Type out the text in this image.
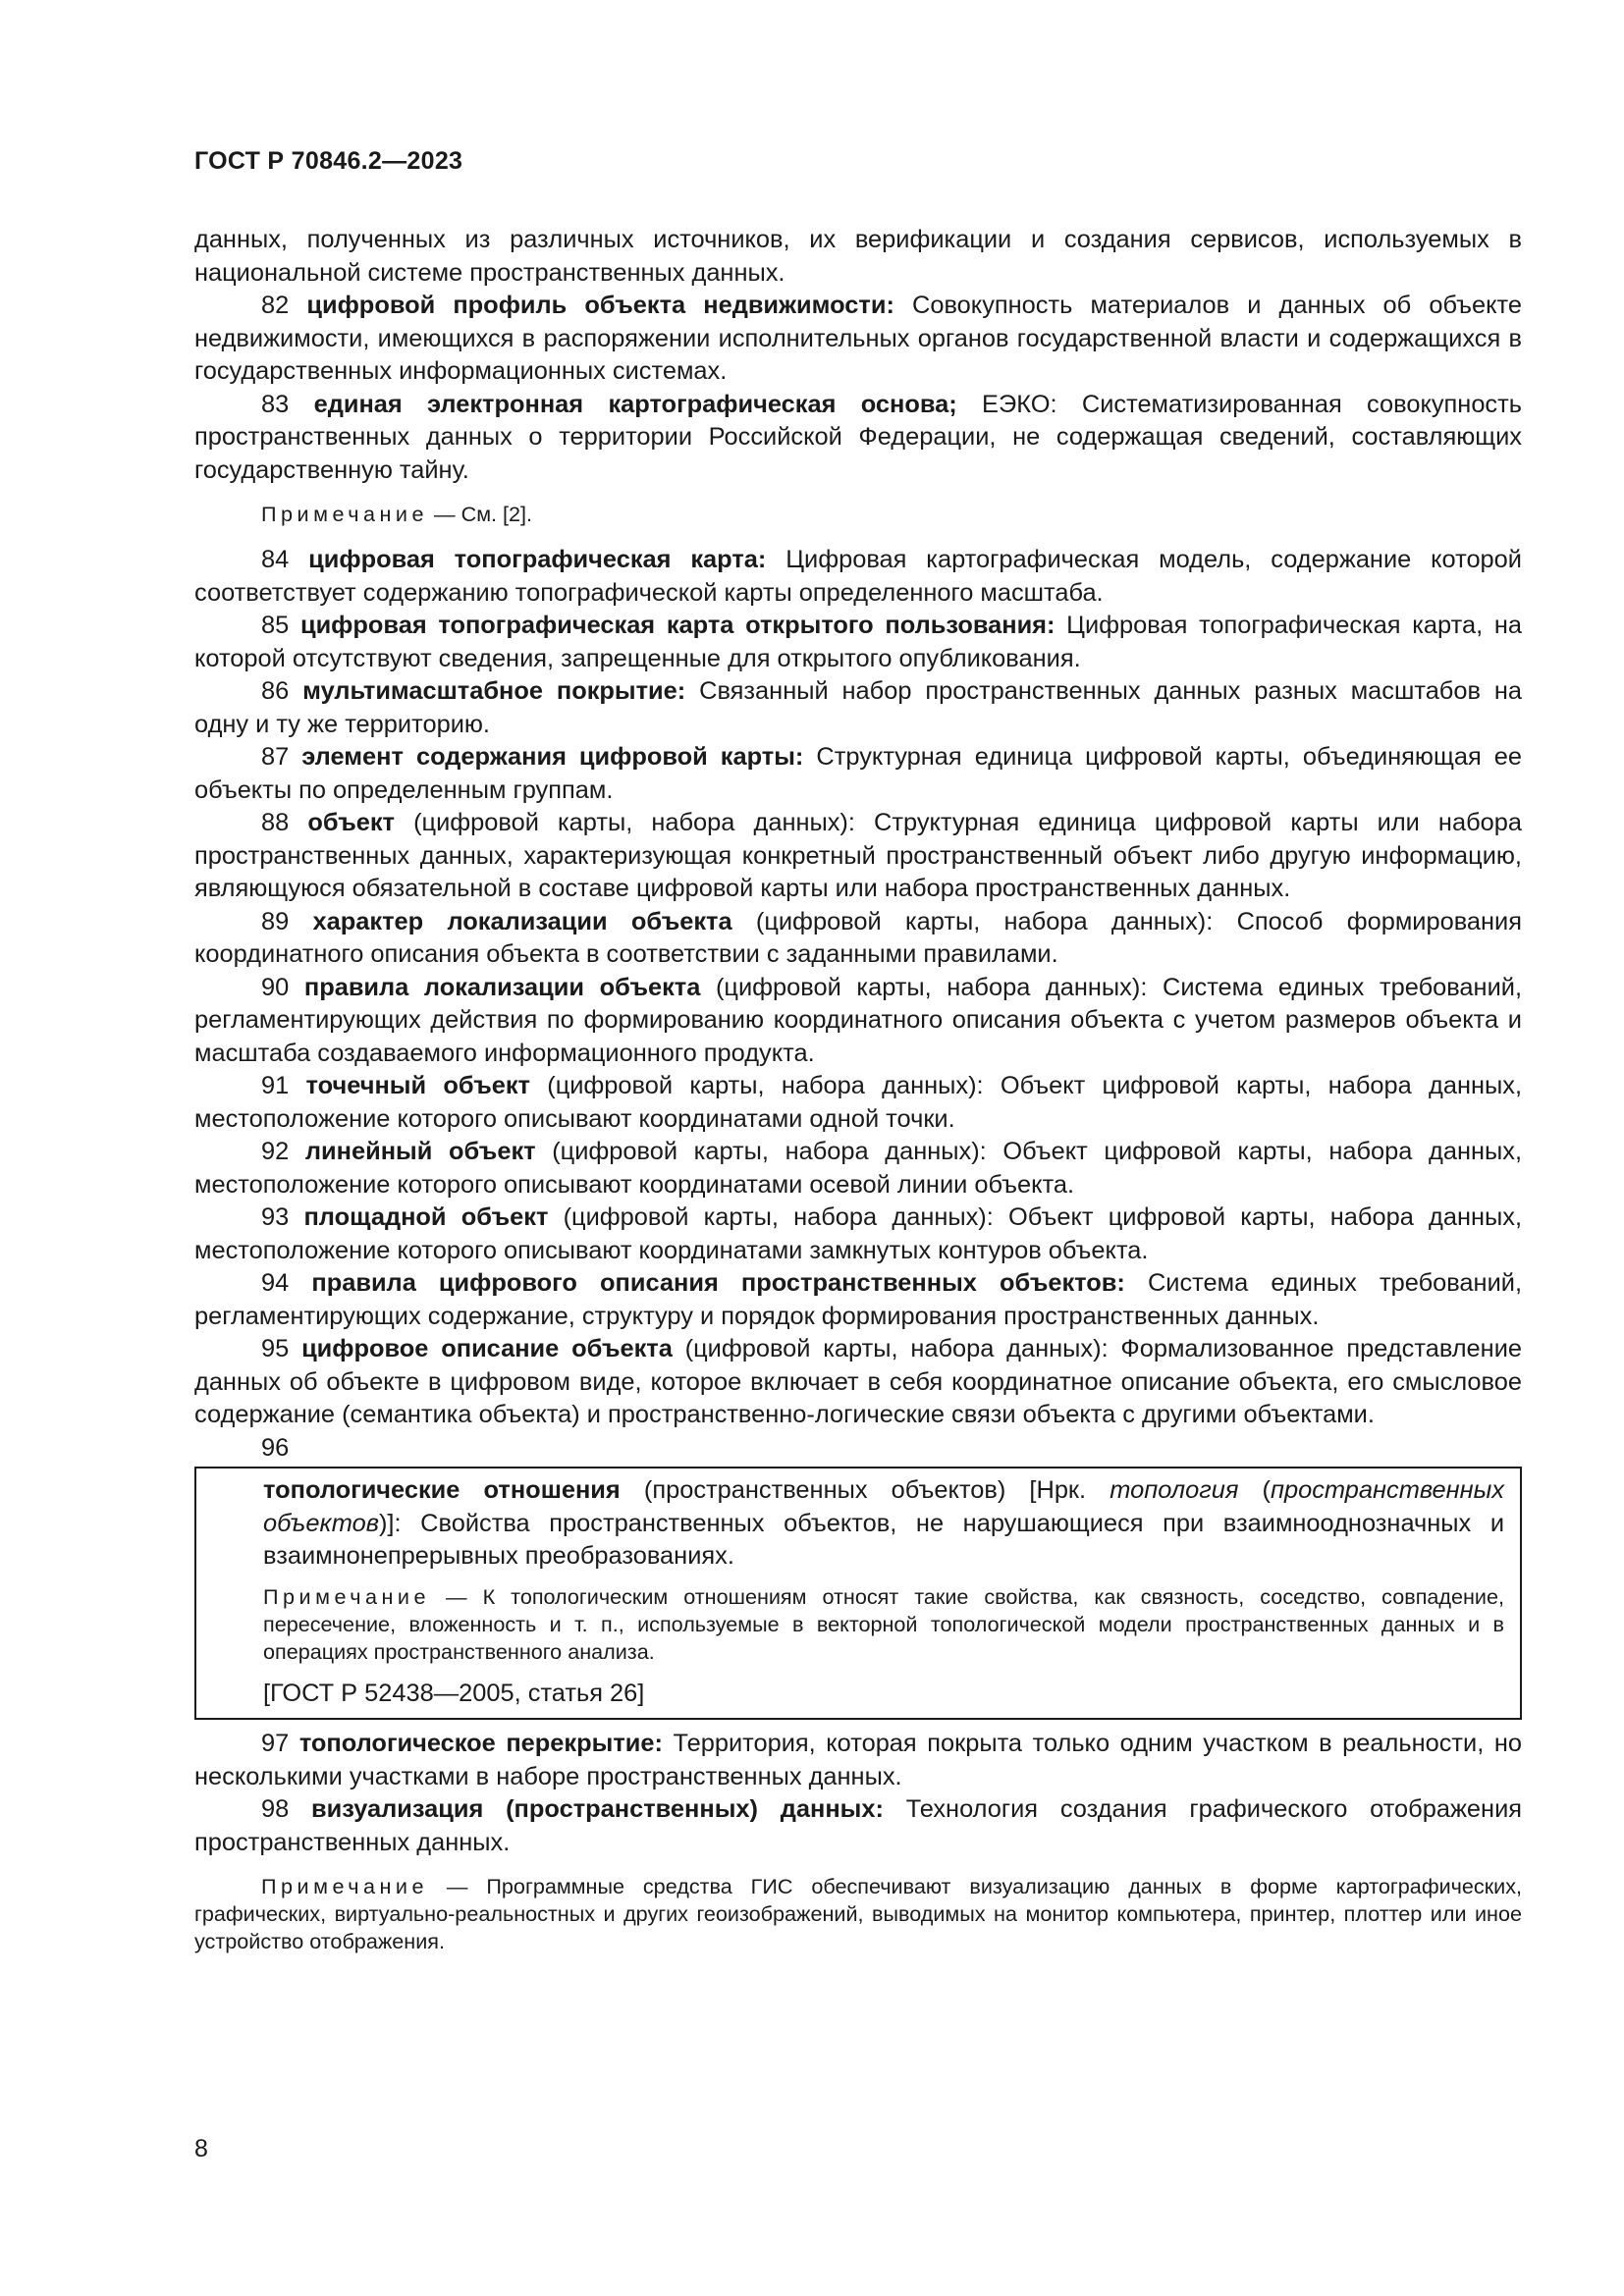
ГОСТ Р 70846.2—2023

данных, полученных из различных источников, их верификации и создания сервисов, используемых в национальной системе пространственных данных.

82 цифровой профиль объекта недвижимости: Совокупность материалов и данных об объекте недвижимости, имеющихся в распоряжении исполнительных органов государственной власти и содержащихся в государственных информационных системах.

83 единая электронная картографическая основа; ЕЭКО: Систематизированная совокупность пространственных данных о территории Российской Федерации, не содержащая сведений, составляющих государственную тайну.

Примечание — См. [2].

84 цифровая топографическая карта: Цифровая картографическая модель, содержание которой соответствует содержанию топографической карты определенного масштаба.

85 цифровая топографическая карта открытого пользования: Цифровая топографическая карта, на которой отсутствуют сведения, запрещенные для открытого опубликования.

86 мультимасштабное покрытие: Связанный набор пространственных данных разных масштабов на одну и ту же территорию.

87 элемент содержания цифровой карты: Структурная единица цифровой карты, объединяющая ее объекты по определенным группам.

88 объект (цифровой карты, набора данных): Структурная единица цифровой карты или набора пространственных данных, характеризующая конкретный пространственный объект либо другую информацию, являющуюся обязательной в составе цифровой карты или набора пространственных данных.

89 характер локализации объекта (цифровой карты, набора данных): Способ формирования координатного описания объекта в соответствии с заданными правилами.

90 правила локализации объекта (цифровой карты, набора данных): Система единых требований, регламентирующих действия по формированию координатного описания объекта с учетом размеров объекта и масштаба создаваемого информационного продукта.

91 точечный объект (цифровой карты, набора данных): Объект цифровой карты, набора данных, местоположение которого описывают координатами одной точки.

92 линейный объект (цифровой карты, набора данных): Объект цифровой карты, набора данных, местоположение которого описывают координатами осевой линии объекта.

93 площадной объект (цифровой карты, набора данных): Объект цифровой карты, набора данных, местоположение которого описывают координатами замкнутых контуров объекта.

94 правила цифрового описания пространственных объектов: Система единых требований, регламентирующих содержание, структуру и порядок формирования пространственных данных.

95 цифровое описание объекта (цифровой карты, набора данных): Формализованное представление данных об объекте в цифровом виде, которое включает в себя координатное описание объекта, его смысловое содержание (семантика объекта) и пространственно-логические связи объекта с другими объектами.

96

топологические отношения (пространственных объектов) [Нрк. топология (пространственных объектов)]: Свойства пространственных объектов, не нарушающиеся при взаимнооднозначных и взаимнонепрерывных преобразованиях.

Примечание — К топологическим отношениям относят такие свойства, как связность, соседство, совпадение, пересечение, вложенность и т. п., используемые в векторной топологической модели пространственных данных и в операциях пространственного анализа.

[ГОСТ Р 52438—2005, статья 26]

97 топологическое перекрытие: Территория, которая покрыта только одним участком в реальности, но несколькими участками в наборе пространственных данных.

98 визуализация (пространственных) данных: Технология создания графического отображения пространственных данных.

Примечание — Программные средства ГИС обеспечивают визуализацию данных в форме картографических, графических, виртуально-реальностных и других геоизображений, выводимых на монитор компьютера, принтер, плоттер или иное устройство отображения.

8
